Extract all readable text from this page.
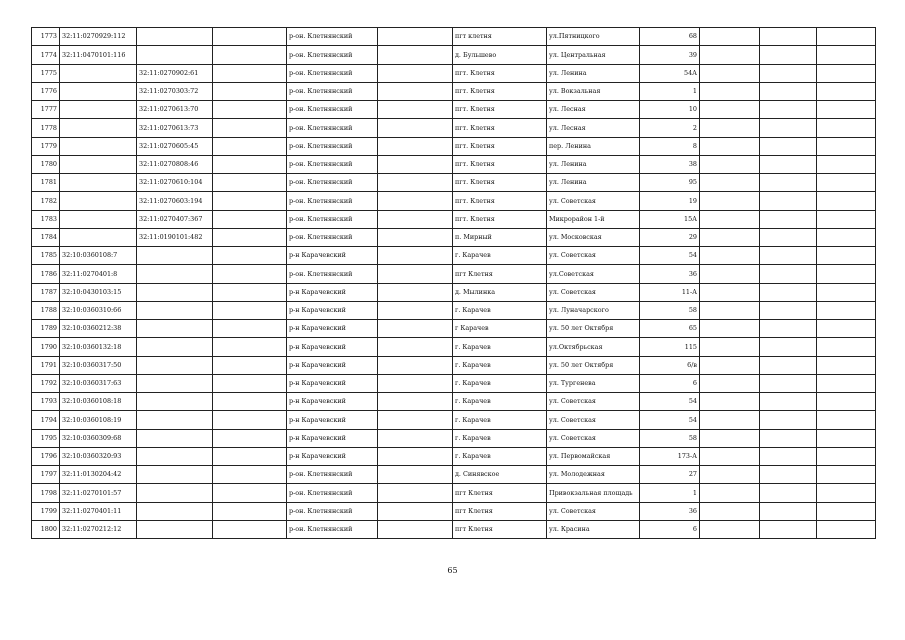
1773	32:11:0270929:112			р-он. Клетнянский		пгт клетня	ул.Пятницкого	68			
1774	32:11:0470101:116			р-он. Клетнянский		д. Бульшево	ул. Центральная	39			
1775		32:11:0270902:61		р-он. Клетнянский		пгт. Клетня	ул. Ленина	54А			
1776		32:11:0270303:72		р-он. Клетнянский		пгт. Клетня	ул. Вокзальная	1			
1777		32:11:0270613:70		р-он. Клетнянский		пгт. Клетня	ул. Лесная	10			
1778		32:11:0270613:73		р-он. Клетнянский		пгт. Клетня	ул. Лесная	2			
1779		32:11:0270605:45		р-он. Клетнянский		пгт. Клетня	пер. Ленина	8			
1780		32:11:0270808:46		р-он. Клетнянский		пгт. Клетня	ул. Ленина	38			
1781		32:11:0270610:104		р-он. Клетнянский		пгт. Клетня	ул. Ленина	95			
1782		32:11:0270603:194		р-он. Клетнянский		пгт. Клетня	ул. Советская	19			
1783		32:11:0270407:367		р-он. Клетнянский		пгт. Клетня	Микрорайон 1-й	15А			
1784		32:11:0190101:482		р-он. Клетнянский		п. Мирный	ул. Московская	29			
1785	32:10:0360108:7			р-н Карачевский		г. Карачев	ул. Советская	54			
1786	32:11:0270401:8			р-он. Клетнянский		пгт Клетня	ул.Советская	36			
1787	32:10:0430103:15			р-н Карачевский		д. Мылинка	ул. Советская	11-А			
1788	32:10:0360310:66			р-н Карачевский		г. Карачев	ул. Луначарского	58			
1789	32:10:0360212:38			р-н Карачевский		г Карачев	ул. 50 лет Октября	65			
1790	32:10:0360132:18			р-н Карачевский		г. Карачев	ул.Октябрьская	115			
1791	32:10:0360317:50			р-н Карачевский		г. Карачев	ул. 50 лет Октября	6/в			
1792	32:10:0360317:63			р-н Карачевский		г. Карачев	ул. Тургенева	6			
1793	32:10:0360108:18			р-н Карачевский		г. Карачев	ул. Советская	54			
1794	32:10:0360108:19			р-н Карачевский		г. Карачев	ул. Советская	54			
1795	32:10:0360309:68			р-н Карачевский		г. Карачев	ул. Советская	58			
1796	32:10:0360320:93			р-н Карачевский		г. Карачев	ул. Первомайская	173-А			
1797	32:11:0130204:42			р-он. Клетнянский		д. Синявское	ул. Молодежная	27			
1798	32:11:0270101:57			р-он. Клетнянский		пгт Клетня	Привокзальная площадь	1			
1799	32:11:0270401:11			р-он. Клетнянский		пгт Клетня	ул. Советская	36			
1800	32:11:0270212:12			р-он. Клетнянский		пгт Клетня	ул. Красина	6			
65
